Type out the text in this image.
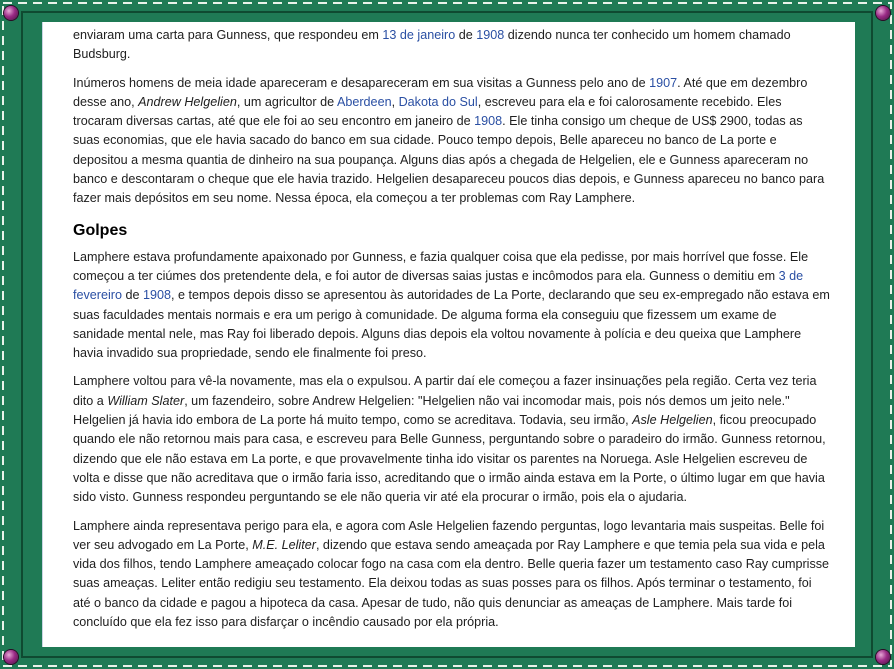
enviaram uma carta para Gunness, que respondeu em 13 de janeiro de 1908 dizendo nunca ter conhecido um homem chamado Budsburg.

Inúmeros homens de meia idade apareceram e desapareceram em sua visitas a Gunness pelo ano de 1907. Até que em dezembro desse ano, Andrew Helgelien, um agricultor de Aberdeen, Dakota do Sul, escreveu para ela e foi calorosamente recebido. Eles trocaram diversas cartas, até que ele foi ao seu encontro em janeiro de 1908. Ele tinha consigo um cheque de US$ 2900, todas as suas economias, que ele havia sacado do banco em sua cidade. Pouco tempo depois, Belle apareceu no banco de La porte e depositou a mesma quantia de dinheiro na sua poupança. Alguns dias após a chegada de Helgelien, ele e Gunness apareceram no banco e descontaram o cheque que ele havia trazido. Helgelien desapareceu poucos dias depois, e Gunness apareceu no banco para fazer mais depósitos em seu nome. Nessa época, ela começou a ter problemas com Ray Lamphere.

Golpes

Lamphere estava profundamente apaixonado por Gunness, e fazia qualquer coisa que ela pedisse, por mais horrível que fosse. Ele começou a ter ciúmes dos pretendente dela, e foi autor de diversas saias justas e incômodos para ela. Gunness o demitiu em 3 de fevereiro de 1908, e tempos depois disso se apresentou às autoridades de La Porte, declarando que seu ex-empregado não estava em suas faculdades mentais normais e era um perigo à comunidade. De alguma forma ela conseguiu que fizessem um exame de sanidade mental nele, mas Ray foi liberado depois. Alguns dias depois ela voltou novamente à polícia e deu queixa que Lamphere havia invadido sua propriedade, sendo ele finalmente foi preso.

Lamphere voltou para vê-la novamente, mas ela o expulsou. A partir daí ele começou a fazer insinuações pela região. Certa vez teria dito a William Slater, um fazendeiro, sobre Andrew Helgelien: "Helgelien não vai incomodar mais, pois nós demos um jeito nele." Helgelien já havia ido embora de La porte há muito tempo, como se acreditava. Todavia, seu irmão, Asle Helgelien, ficou preocupado quando ele não retornou mais para casa, e escreveu para Belle Gunness, perguntando sobre o paradeiro do irmão. Gunness retornou, dizendo que ele não estava em La porte, e que provavelmente tinha ido visitar os parentes na Noruega. Asle Helgelien escreveu de volta e disse que não acreditava que o irmão faria isso, acreditando que o irmão ainda estava em la Porte, o último lugar em que havia sido visto. Gunness respondeu perguntando se ele não queria vir até ela procurar o irmão, pois ela o ajudaria.

Lamphere ainda representava perigo para ela, e agora com Asle Helgelien fazendo perguntas, logo levantaria mais suspeitas. Belle foi ver seu advogado em La Porte, M.E. Leliter, dizendo que estava sendo ameaçada por Ray Lamphere e que temia pela sua vida e pela vida dos filhos, tendo Lamphere ameaçado colocar fogo na casa com ela dentro. Belle queria fazer um testamento caso Ray cumprisse suas ameaças. Leliter então redigiu seu testamento. Ela deixou todas as suas posses para os filhos. Após terminar o testamento, foi até o banco da cidade e pagou a hipoteca da casa. Apesar de tudo, não quis denunciar as ameaças de Lamphere. Mais tarde foi concluído que ela fez isso para disfarçar o incêndio causado por ela própria.
